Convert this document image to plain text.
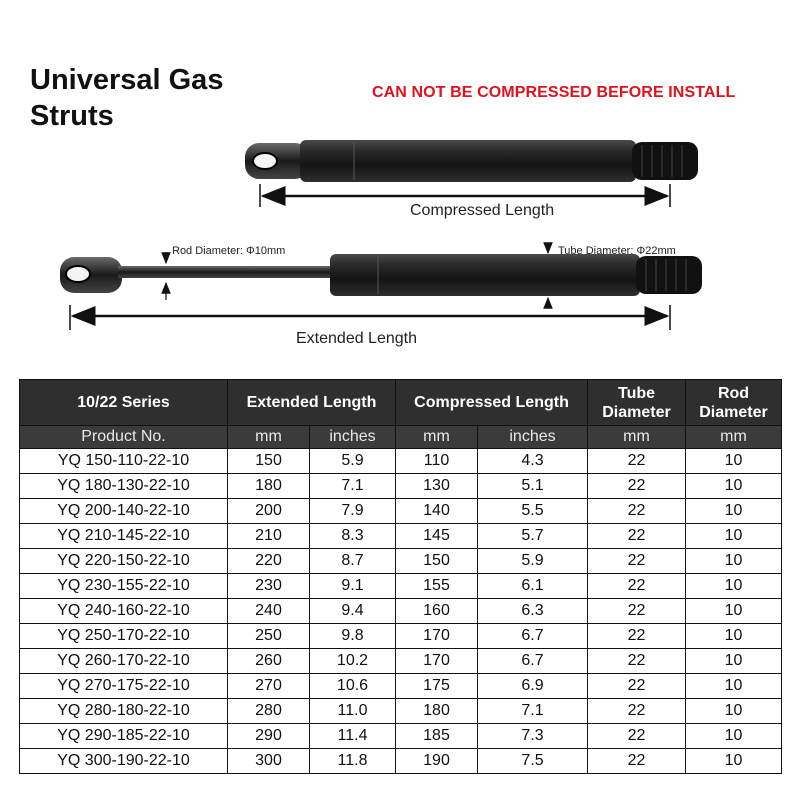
Universal Gas Struts
CAN NOT BE COMPRESSED BEFORE INSTALL
Compressed Length
Extended Length
Rod Diameter: Φ10mm	Tube Diameter: Φ22mm
10/22 Series	Extended Length		Compressed Length		Tube Diameter	Rod Diameter
Product No.	mm	inches	mm	inches	mm	mm
YQ 150-110-22-10	150	5.9	110	4.3	22	10
YQ 180-130-22-10	180	7.1	130	5.1	22	10
YQ 200-140-22-10	200	7.9	140	5.5	22	10
YQ 210-145-22-10	210	8.3	145	5.7	22	10
YQ 220-150-22-10	220	8.7	150	5.9	22	10
YQ 230-155-22-10	230	9.1	155	6.1	22	10
YQ 240-160-22-10	240	9.4	160	6.3	22	10
YQ 250-170-22-10	250	9.8	170	6.7	22	10
YQ 260-170-22-10	260	10.2	170	6.7	22	10
YQ 270-175-22-10	270	10.6	175	6.9	22	10
YQ 280-180-22-10	280	11.0	180	7.1	22	10
YQ 290-185-22-10	290	11.4	185	7.3	22	10
YQ 300-190-22-10	300	11.8	190	7.5	22	10
